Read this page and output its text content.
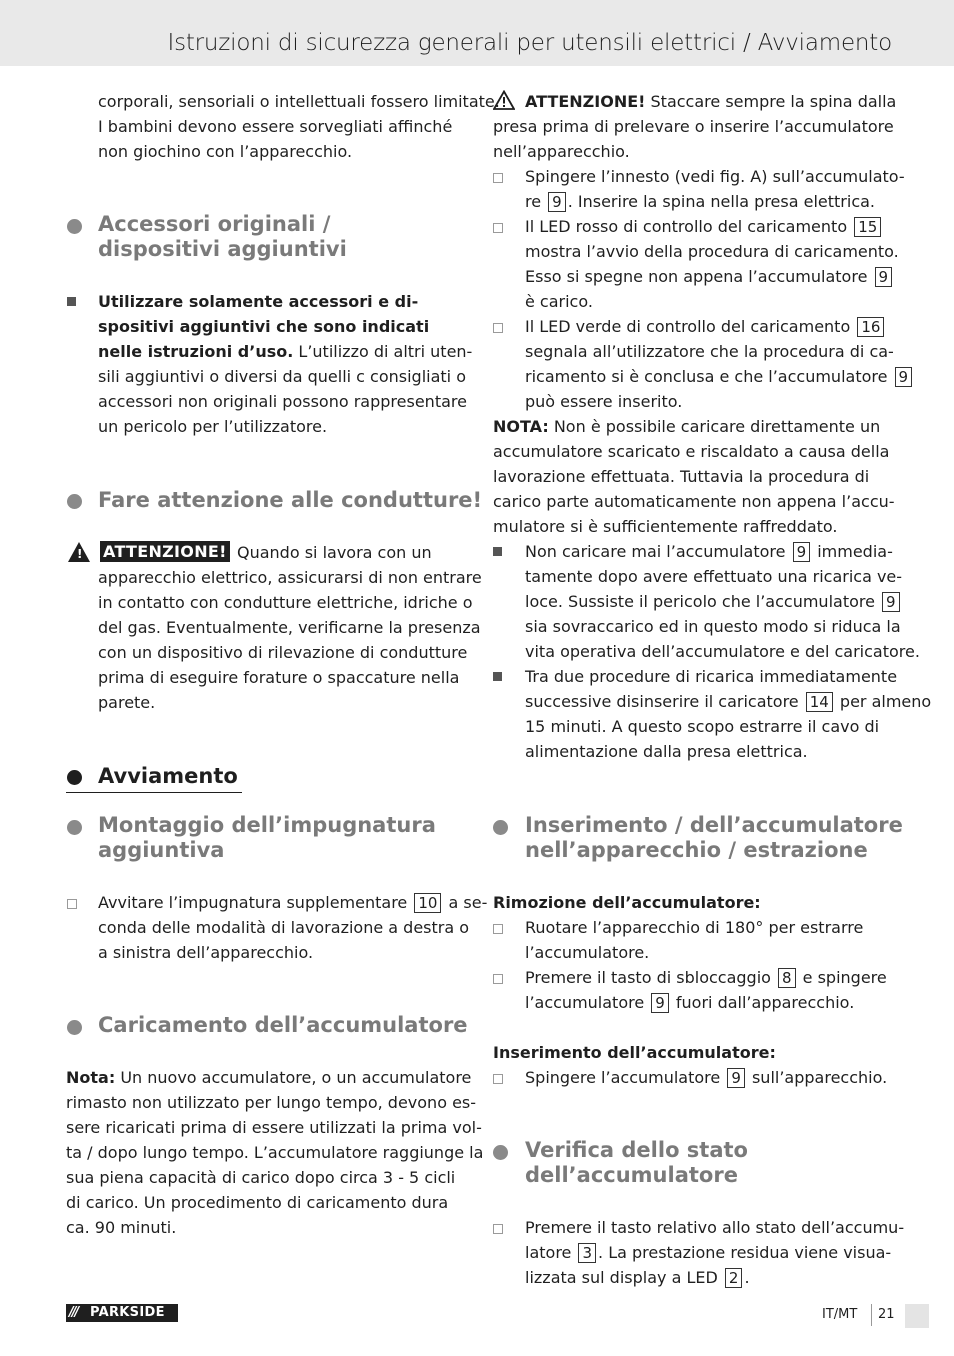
Istruzioni di sicurezza generali per utensili elettrici / Avviamento
corporali, sensoriali o intellettuali fossero limitate.
I bambini devono essere sorvegliati affinché
non giochino con l’apparecchio.
Accessori originali /
dispositivi aggiuntivi
Utilizzare solamente accessori e di-
spositivi aggiuntivi che sono indicati
nelle istruzioni d’uso. L’utilizzo di altri uten-
sili aggiuntivi o diversi da quelli c consigliati o
accessori non originali possono rappresentare
un pericolo per l’utilizzatore.
Fare attenzione alle condutture!
! ATTENZIONE! Quando si lavora con un
apparecchio elettrico, assicurarsi di non entrare
in contatto con condutture elettriche, idriche o
del gas. Eventualmente, verificarne la presenza
con un dispositivo di rilevazione di condutture
prima di eseguire forature o spaccature nella
parete.
Avviamento
Montaggio dell’impugnatura
aggiuntiva
Avvitare l’impugnatura supplementare 10 a se-
conda delle modalità di lavorazione a destra o
a sinistra dell’apparecchio.
Caricamento dell’accumulatore
Nota: Un nuovo accumulatore, o un accumulatore
rimasto non utilizzato per lungo tempo, devono es-
sere ricaricati prima di essere utilizzati la prima vol-
ta / dopo lungo tempo. L’accumulatore raggiunge la
sua piena capacità di carico dopo circa 3 - 5 cicli
di carico. Un procedimento di caricamento dura
ca. 90 minuti.
ATTENZIONE! Staccare sempre la spina dalla
presa prima di prelevare o inserire l’accumulatore
nell’apparecchio.
Spingere l’innesto (vedi fig. A) sull’accumulato-
re 9 . Inserire la spina nella presa elettrica.
Il LED rosso di controllo del caricamento 15
mostra l’avvio della procedura di caricamento.
Esso si spegne non appena l’accumulatore 9
è carico.
Il LED verde di controllo del caricamento 16
segnala all’utilizzatore che la procedura di ca-
ricamento si è conclusa e che l’accumulatore 9
può essere inserito.
NOTA: Non è possibile caricare direttamente un
accumulatore scaricato e riscaldato a causa della
lavorazione effettuata. Tuttavia la procedura di
carico parte automaticamente non appena l’accu-
mulatore si è sufficientemente raffreddato.
Non caricare mai l’accumulatore 9 immedia-
tamente dopo avere effettuato una ricarica ve-
loce. Sussiste il pericolo che l’accumulatore 9
sia sovraccarico ed in questo modo si riduca la
vita operativa dell’accumulatore e del caricatore.
Tra due procedure di ricarica immediatamente
successive disinserire il caricatore 14 per almeno
15 minuti. A questo scopo estrarre il cavo di
alimentazione dalla presa elettrica.
Inserimento / dell’accumulatore
nell’apparecchio / estrazione
Rimozione dell’accumulatore:
Ruotare l’apparecchio di 180° per estrarre
l’accumulatore.
Premere il tasto di sbloccaggio 8 e spingere
l’accumulatore 9 fuori dall’apparecchio.
Inserimento dell’accumulatore:
Spingere l’accumulatore 9 sull’apparecchio.
Verifica dello stato
dell’accumulatore
Premere il tasto relativo allo stato dell’accumu-
latore 3 . La prestazione residua viene visua-
lizzata sul display a LED 2 .
/// PARKSIDE	IT/MT 21
